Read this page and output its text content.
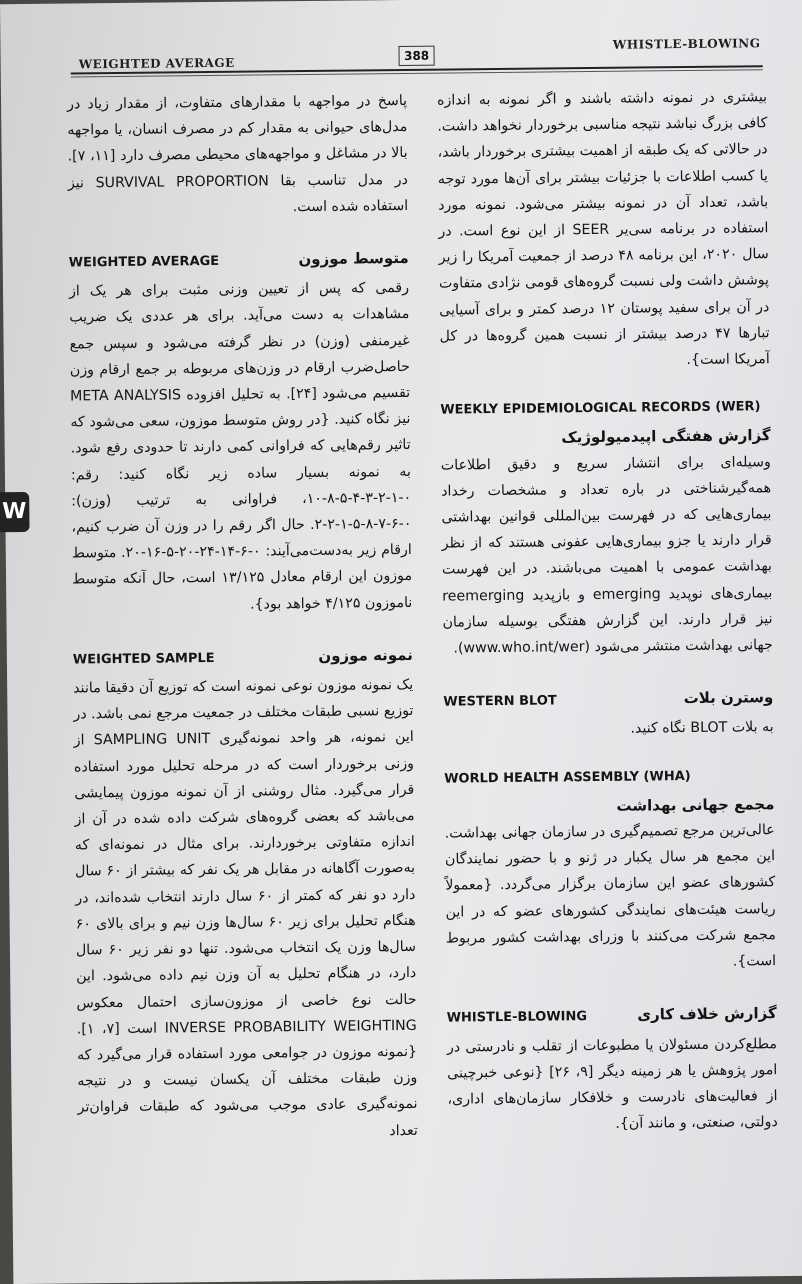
WEIGHTED AVERAGE	388
WHISTLE-BLOWING
W

بیشتری در نمونه داشته باشند و اگر نمونه به اندازه کافی بزرگ نباشد نتیجه مناسبی برخوردار نخواهد داشت. در حالاتی که یک طبقه از اهمیت بیشتری برخوردار باشد، یا کسب اطلاعات با جزئیات بیشتر برای آن‌ها مورد توجه باشد، تعداد آن در نمونه بیشتر می‌شود. نمونه مورد استفاده در برنامه سی‌یر SEER از این نوع است. در سال ۲۰۲۰، این برنامه ۴۸ درصد از جمعیت آمریکا را زیر پوشش داشت ولی نسبت گروه‌های قومی نژادی متفاوت در آن برای سفید پوستان ۱۲ درصد کمتر و برای آسیایی تبارها ۴۷ درصد بیشتر از نسبت همین گروه‌ها در کل آمریکا است}.

WEEKLY EPIDEMIOLOGICAL RECORDS (WER)
گزارش هفتگی اپیدمیولوژیک

وسیله‌ای برای انتشار سریع و دقیق اطلاعات همه‌گیرشناختی در باره تعداد و مشخصات رخداد بیماری‌هایی که در فهرست بین‌المللی قوانین بهداشتی قرار دارند یا جزو بیماری‌هایی عفونی هستند که از نظر بهداشت عمومی با اهمیت می‌باشند. در این فهرست بیماری‌های نوپدید emerging و بازپدید reemerging نیز قرار دارند. این گزارش هفتگی بوسیله سازمان جهانی بهداشت منتشر می‌شود (www.who.int/wer).

وسترن بلات
WESTERN BLOT

به بلات BLOT نگاه کنید.

WORLD HEALTH ASSEMBLY (WHA)
مجمع جهانی بهداشت

عالی‌ترین مرجع تصمیم‌گیری در سازمان جهانی بهداشت. این مجمع هر سال یکبار در ژنو و با حضور نمایندگان کشورهای عضو این سازمان برگزار می‌گردد. {معمولاً ریاست هیئت‌های نمایندگی کشورهای عضو که در این مجمع شرکت می‌کنند با وزرای بهداشت کشور مربوط است}.

گزارش خلاف کاری
WHISTLE-BLOWING

مطلع‌کردن مسئولان یا مطبوعات از تقلب و نادرستی در امور پژوهش یا هر زمینه دیگر [۹، ۲۶] {نوعی خبرچینی از فعالیت‌های نادرست و خلافکار سازمان‌های اداری، دولتی، صنعتی، و مانند آن}.

پاسخ در مواجهه با مقدارهای متفاوت، از مقدار زیاد در مدل‌های حیوانی به مقدار کم در مصرف انسان، یا مواجهه بالا در مشاغل و مواجهه‌های محیطی مصرف دارد [۱۱، ۷]. در مدل تناسب بقا SURVIVAL PROPORTION نیز استفاده شده است.

متوسط موزون
WEIGHTED AVERAGE

رقمی که پس از تعیین وزنی مثبت برای هر یک از مشاهدات به دست می‌آید. برای هر عددی یک ضریب غیرمنفی (وزن) در نظر گرفته می‌شود و سپس جمع حاصل‌ضرب ارقام در وزن‌های مربوطه بر جمع ارقام وزن تقسیم می‌شود [۲۴]. به تحلیل افزوده META ANALYSIS نیز نگاه کنید. {در روش متوسط موزون، سعی می‌شود که تاثیر رقم‌هایی که فراوانی کمی دارند تا حدودی رفع شود. به نمونه بسیار ساده زیر نگاه کنید: رقم: ۰-۱-۲-۳-۴-۵-۸-۱۰، فراوانی به ترتیب (وزن): ۰-۶-۷-۸-۵-۱-۲-۲. حال اگر رقم را در وزن آن ضرب کنیم، ارقام زیر به‌دست‌می‌آیند: ۰-۶-۱۴-۲۴-۲۰-۵-۱۶-۲۰. متوسط موزون این ارقام معادل ۱۳/۱۲۵ است، حال آنکه متوسط ناموزون ۴/۱۲۵ خواهد بود}.

نمونه موزون
WEIGHTED SAMPLE

یک نمونه موزون نوعی نمونه است که توزیع آن دقیقا مانند توزیع نسبی طبقات مختلف در جمعیت مرجع نمی باشد. در این نمونه، هر واحد نمونه‌گیری SAMPLING UNIT از وزنی برخوردار است که در مرحله تحلیل مورد استفاده قرار می‌گیرد. مثال روشنی از آن نمونه موزون پیمایشی می‌باشد که بعضی گروه‌های شرکت داده شده در آن از اندازه متفاوتی برخوردارند. برای مثال در نمونه‌ای که به‌صورت آگاهانه در مقابل هر یک نفر که بیشتر از ۶۰ سال دارد دو نفر که کمتر از ۶۰ سال دارند انتخاب شده‌اند، در هنگام تحلیل برای زیر ۶۰ سال‌ها وزن نیم و برای بالای ۶۰ سال‌ها وزن یک انتخاب می‌شود. تنها دو نفر زیر ۶۰ سال دارد، در هنگام تحلیل به آن وزن نیم داده می‌شود. این حالت نوع خاصی از موزون‌سازی احتمال معکوس INVERSE PROBABILITY WEIGHTING است [۷، ۱]. {نمونه موزون در جوامعی مورد استفاده قرار می‌گیرد که وزن طبقات مختلف آن یکسان نیست و در نتیجه نمونه‌گیری عادی موجب می‌شود که طبقات فراوان‌تر تعداد
